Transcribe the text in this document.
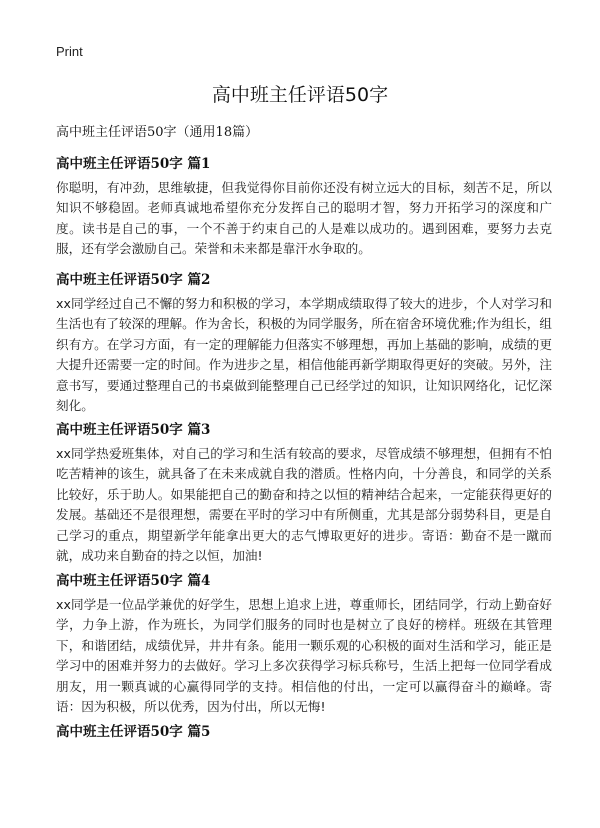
Print
高中班主任评语50字
高中班主任评语50字（通用18篇）
高中班主任评语50字 篇1
你聪明，有冲劲，思维敏捷，但我觉得你目前你还没有树立远大的目标，刻苦不足，所以知识不够稳固。老师真诚地希望你充分发挥自己的聪明才智，努力开拓学习的深度和广度。读书是自己的事，一个不善于约束自己的人是难以成功的。遇到困难，要努力去克服，还有学会激励自己。荣誉和未来都是靠汗水争取的。
高中班主任评语50字 篇2
xx同学经过自己不懈的努力和积极的学习，本学期成绩取得了较大的进步，个人对学习和生活也有了较深的理解。作为舍长，积极的为同学服务，所在宿舍环境优雅;作为组长，组织有方。在学习方面，有一定的理解能力但落实不够理想，再加上基础的影响，成绩的更大提升还需要一定的时间。作为进步之星，相信他能再新学期取得更好的突破。另外，注意书写，要通过整理自己的书桌做到能整理自己已经学过的知识，让知识网络化，记忆深刻化。
高中班主任评语50字 篇3
xx同学热爱班集体，对自己的学习和生活有较高的要求，尽管成绩不够理想，但拥有不怕吃苦精神的该生，就具备了在未来成就自我的潜质。性格内向，十分善良，和同学的关系比较好，乐于助人。如果能把自己的勤奋和持之以恒的精神结合起来，一定能获得更好的发展。基础还不是很理想，需要在平时的学习中有所侧重，尤其是部分弱势科目，更是自己学习的重点，期望新学年能拿出更大的志气博取更好的进步。寄语：勤奋不是一蹴而就，成功来自勤奋的持之以恒，加油!
高中班主任评语50字 篇4
xx同学是一位品学兼优的好学生，思想上追求上进，尊重师长，团结同学，行动上勤奋好学，力争上游，作为班长，为同学们服务的同时也是树立了良好的榜样。班级在其管理下，和谐团结，成绩优异，井井有条。能用一颗乐观的心积极的面对生活和学习，能正是学习中的困难并努力的去做好。学习上多次获得学习标兵称号，生活上把每一位同学看成朋友，用一颗真诚的心赢得同学的支持。相信他的付出，一定可以赢得奋斗的巅峰。寄语：因为积极，所以优秀，因为付出，所以无悔!
高中班主任评语50字 篇5
